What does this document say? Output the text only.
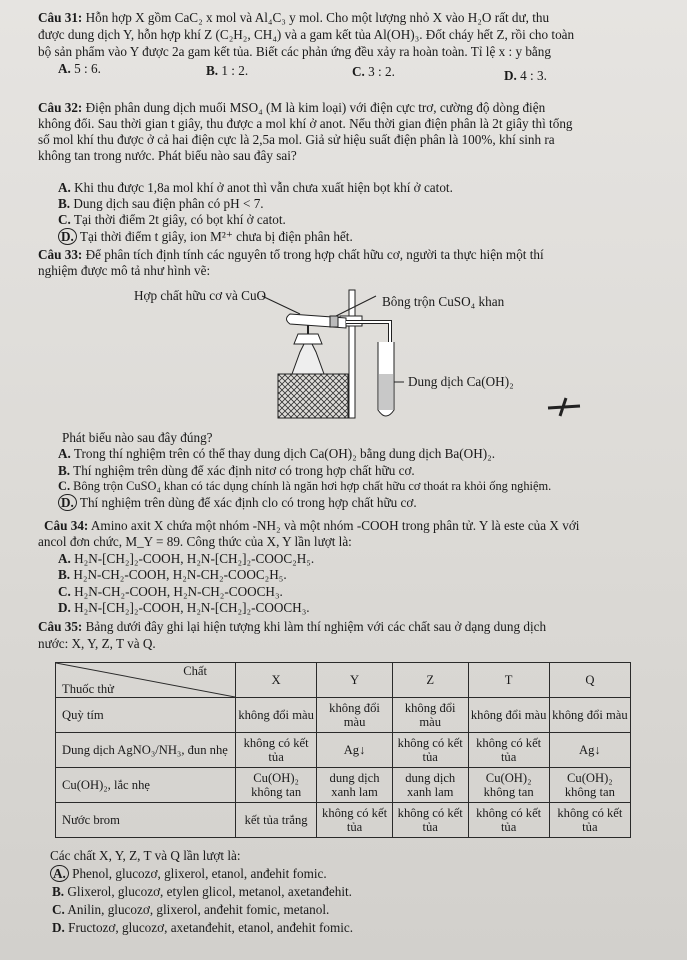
Câu 31: Hỗn hợp X gồm CaC₂ x mol và Al₄C₃ y mol. Cho một lượng nhỏ X vào H₂O rất dư, thu
được dung dịch Y, hỗn hợp khí Z (C₂H₂, CH₄) và a gam kết tủa Al(OH)₃. Đốt cháy hết Z, rồi cho toàn
bộ sản phẩm vào Y được 2a gam kết tủa. Biết các phản ứng đều xảy ra hoàn toàn. Tỉ lệ x : y bằng
A. 5 : 6.	B. 1 : 2.	C. 3 : 2.	D. 4 : 3.
Câu 32: Điện phân dung dịch muối MSO₄ (M là kim loại) với điện cực trơ, cường độ dòng điện
không đổi. Sau thời gian t giây, thu được a mol khí ở anot. Nếu thời gian điện phân là 2t giây thì tổng
số mol khí thu được ở cả hai điện cực là 2,5a mol. Giả sử hiệu suất điện phân là 100%, khí sinh ra
không tan trong nước. Phát biểu nào sau đây sai?
A. Khi thu được 1,8a mol khí ở anot thì vẫn chưa xuất hiện bọt khí ở catot.
B. Dung dịch sau điện phân có pH < 7.
C. Tại thời điểm 2t giây, có bọt khí ở catot.
D. Tại thời điểm t giây, ion M²⁺ chưa bị điện phân hết.
Câu 33: Để phân tích định tính các nguyên tố trong hợp chất hữu cơ, người ta thực hiện một thí
nghiệm được mô tả như hình vẽ:
Hợp chất hữu cơ và CuO	Bông trộn CuSO₄ khan
Dung dịch Ca(OH)₂
Phát biểu nào sau đây đúng?
A. Trong thí nghiệm trên có thể thay dung dịch Ca(OH)₂ bằng dung dịch Ba(OH)₂.
B. Thí nghiệm trên dùng để xác định nitơ có trong hợp chất hữu cơ.
C. Bông trộn CuSO₄ khan có tác dụng chính là ngăn hơi hợp chất hữu cơ thoát ra khỏi ống nghiệm.
D. Thí nghiệm trên dùng để xác định clo có trong hợp chất hữu cơ.
Câu 34: Amino axit X chứa một nhóm -NH₂ và một nhóm -COOH trong phân tử. Y là este của X với
ancol đơn chức, M_Y = 89. Công thức của X, Y lần lượt là:
A. H₂N-[CH₂]₂-COOH, H₂N-[CH₂]₂-COOC₂H₅.
B. H₂N-CH₂-COOH, H₂N-CH₂-COOC₂H₅.
C. H₂N-CH₂-COOH, H₂N-CH₂-COOCH₃.
D. H₂N-[CH₂]₂-COOH, H₂N-[CH₂]₂-COOCH₃.
Câu 35: Bảng dưới đây ghi lại hiện tượng khi làm thí nghiệm với các chất sau ở dạng dung dịch
nước: X, Y, Z, T và Q.
Chất
Thuốc thử	X	Y	Z	T	Q
Quỳ tím	không đổi màu	không đổi màu	không đổi màu	không đổi màu	không đổi màu
Dung dịch AgNO₃/NH₃, đun nhẹ	không có kết tủa	Ag↓	không có kết tủa	không có kết tủa	Ag↓
Cu(OH)₂, lắc nhẹ	Cu(OH)₂ không tan	dung dịch xanh lam	dung dịch xanh lam	Cu(OH)₂ không tan	Cu(OH)₂ không tan
Nước brom	kết tủa trắng	không có kết tủa	không có kết tủa	không có kết tủa	không có kết tủa
Các chất X, Y, Z, T và Q lần lượt là:
A. Phenol, glucozơ, glixerol, etanol, anđehit fomic.
B. Glixerol, glucozơ, etylen glicol, metanol, axetanđehit.
C. Anilin, glucozơ, glixerol, anđehit fomic, metanol.
D. Fructozơ, glucozơ, axetanđehit, etanol, anđehit fomic.
